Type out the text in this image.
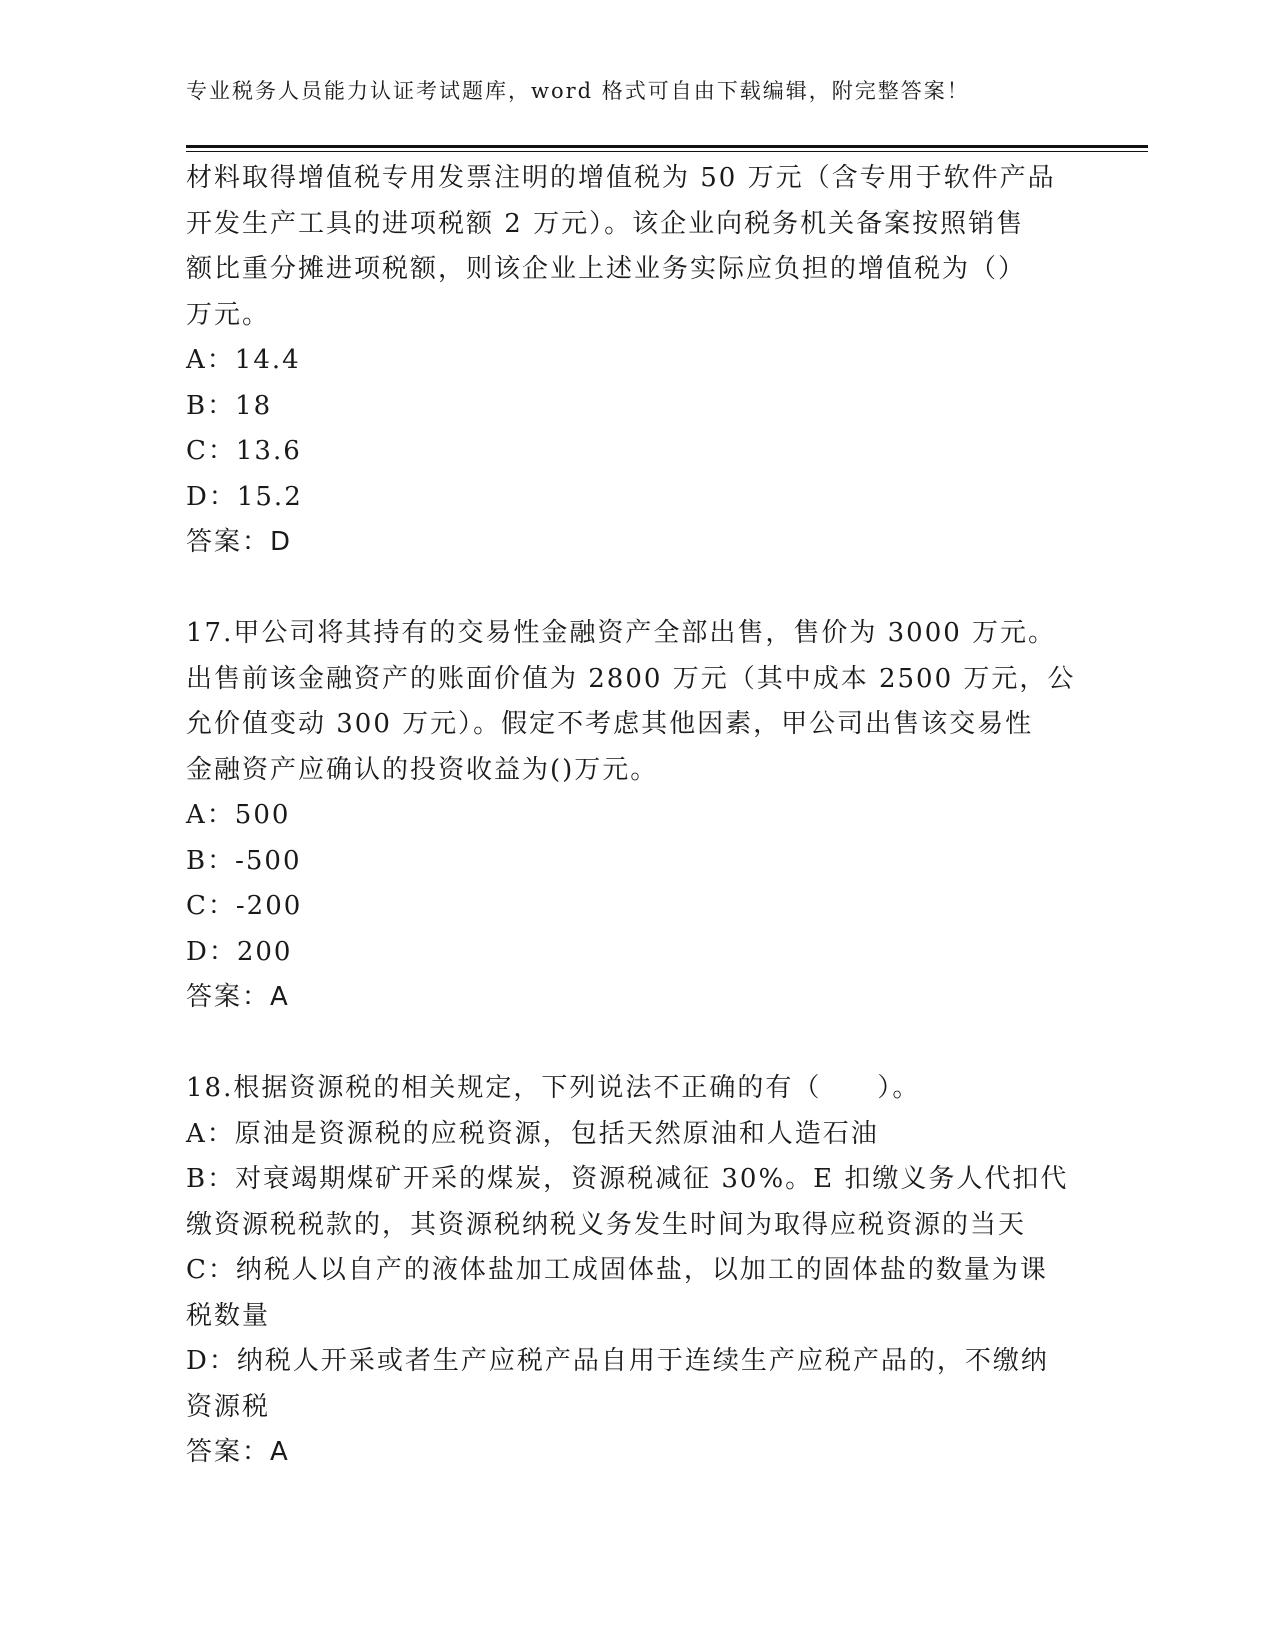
专业税务人员能力认证考试题库，word 格式可自由下载编辑，附完整答案！
材料取得增值税专用发票注明的增值税为 50 万元（含专用于软件产品
开发生产工具的进项税额 2 万元）。该企业向税务机关备案按照销售
额比重分摊进项税额，则该企业上述业务实际应负担的增值税为（）
万元。
A：14.4
B：18
C：13.6
D：15.2
答案：D
17.甲公司将其持有的交易性金融资产全部出售，售价为 3000 万元。
出售前该金融资产的账面价值为 2800 万元（其中成本 2500 万元，公
允价值变动 300 万元）。假定不考虑其他因素，甲公司出售该交易性
金融资产应确认的投资收益为()万元。
A：500
B：-500
C：-200
D：200
答案：A
18.根据资源税的相关规定，下列说法不正确的有（　　）。
A：原油是资源税的应税资源，包括天然原油和人造石油
B：对衰竭期煤矿开采的煤炭，资源税减征 30%。E 扣缴义务人代扣代
缴资源税税款的，其资源税纳税义务发生时间为取得应税资源的当天
C：纳税人以自产的液体盐加工成固体盐，以加工的固体盐的数量为课
税数量
D：纳税人开采或者生产应税产品自用于连续生产应税产品的，不缴纳
资源税
答案：A
